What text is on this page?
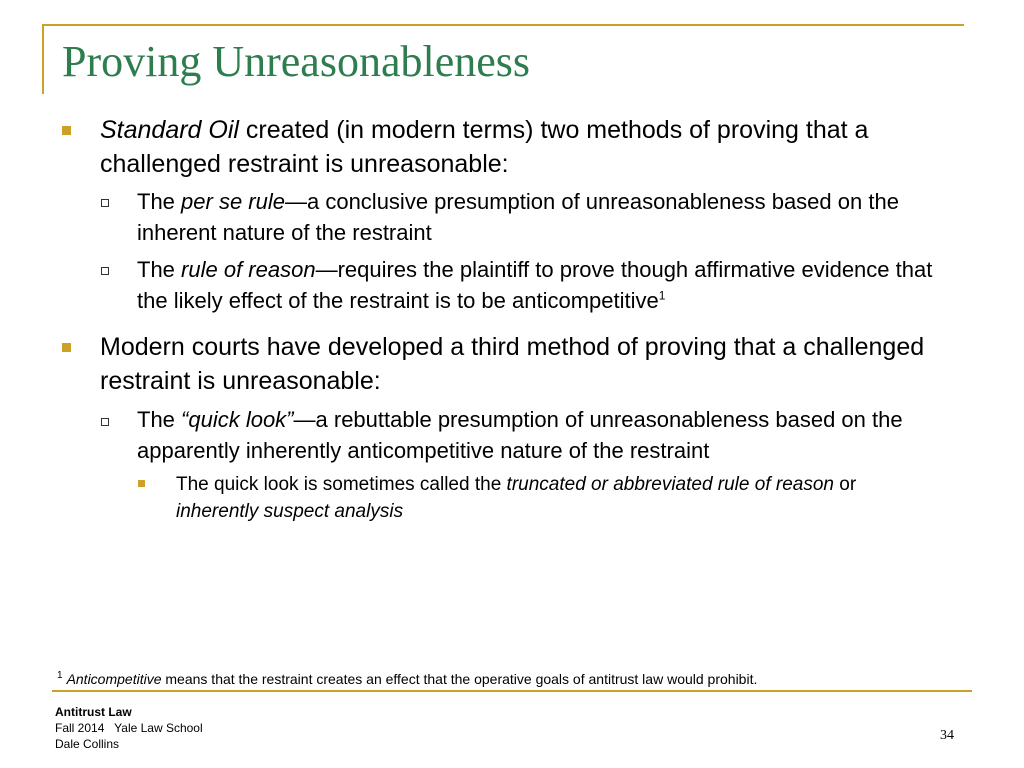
Proving Unreasonableness
Standard Oil created (in modern terms) two methods of proving that a challenged restraint is unreasonable:
The per se rule—a conclusive presumption of unreasonableness based on the inherent nature of the restraint
The rule of reason—requires the plaintiff to prove though affirmative evidence that the likely effect of the restraint is to be anticompetitive$^1$
Modern courts have developed a third method of proving that a challenged restraint is unreasonable:
The “quick look”—a rebuttable presumption of unreasonableness based on the apparently inherently anticompetitive nature of the restraint
The quick look is sometimes called the truncated or abbreviated rule of reason or inherently suspect analysis
$^1$ Anticompetitive means that the restraint creates an effect that the operative goals of antitrust law would prohibit.
Antitrust Law
Fall 2014   Yale Law School
Dale Collins
34
